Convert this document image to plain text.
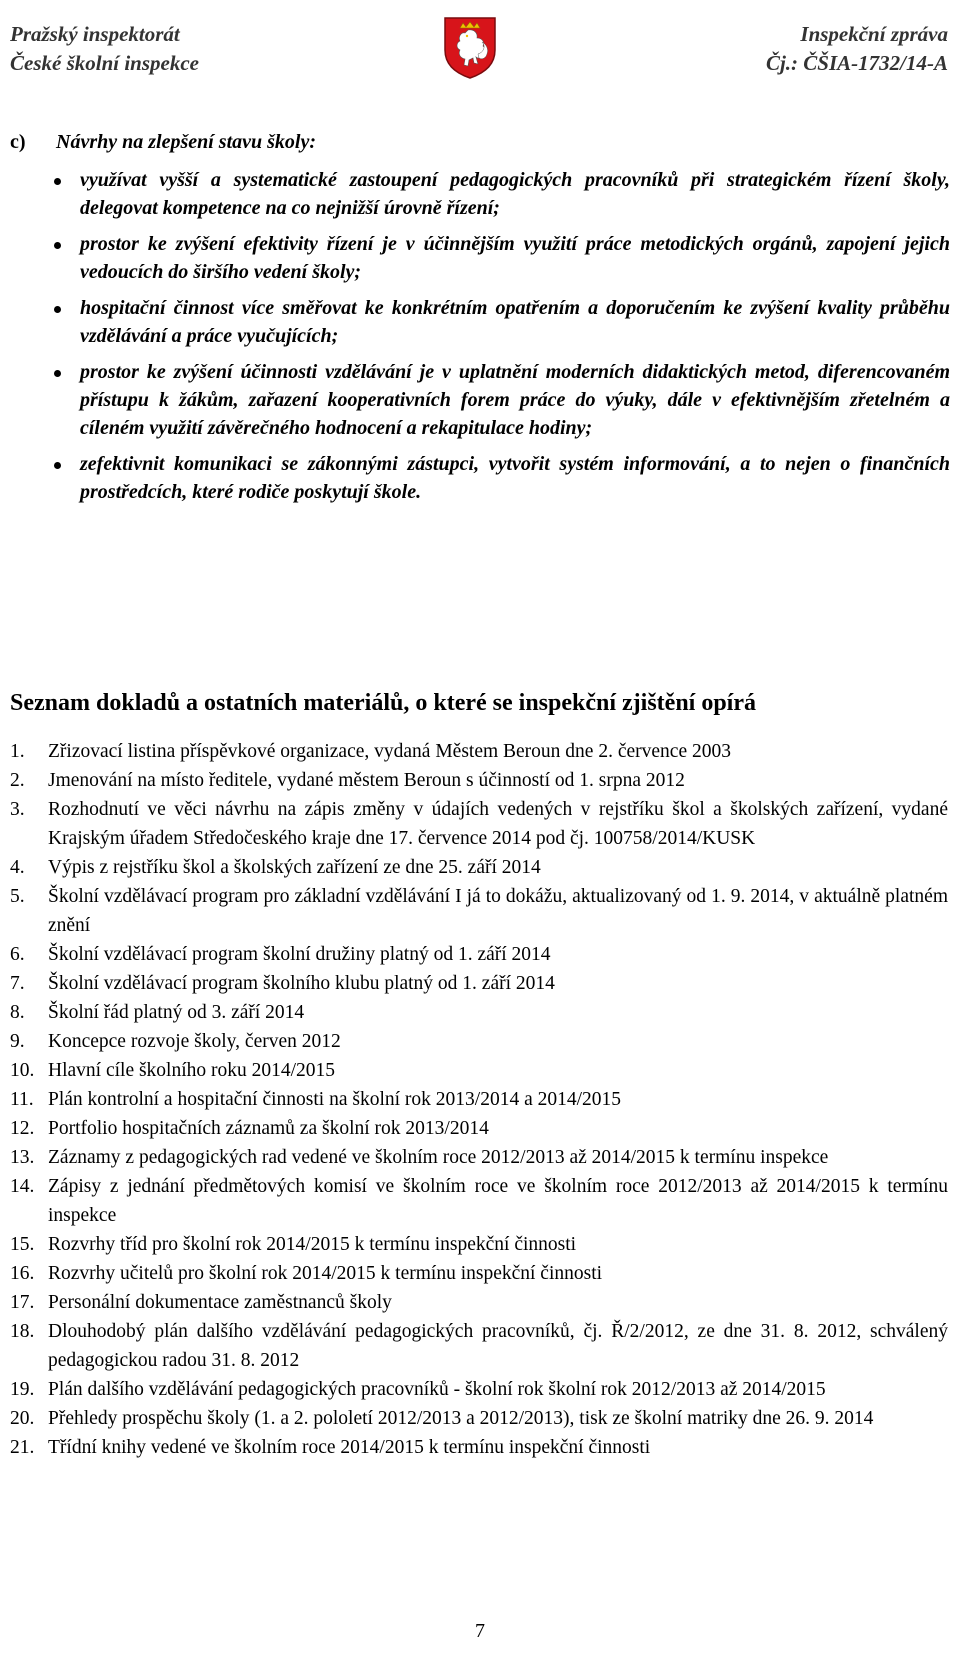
Pražský inspektorát
České školní inspekce
Inspekční zpráva
Čj.: ČŠIA-1732/14-A
c)	Návrhy na zlepšení stavu školy:
využívat vyšší a systematické zastoupení pedagogických pracovníků při strategickém řízení školy, delegovat kompetence na co nejnižší úrovně řízení;
prostor ke zvýšení efektivity řízení je v účinnějším využití práce metodických orgánů, zapojení jejich vedoucích do širšího vedení školy;
hospitační činnost více směřovat ke konkrétním opatřením a doporučením ke zvýšení kvality průběhu vzdělávání a práce vyučujících;
prostor ke zvýšení účinnosti vzdělávání je v uplatnění moderních didaktických metod, diferencovaném přístupu k žákům, zařazení kooperativních forem práce do výuky, dále v efektivnějším zřetelném a cíleném využití závěrečného hodnocení a rekapitulace hodiny;
zefektivnit komunikaci se zákonnými zástupci, vytvořit systém informování, a to nejen o finančních prostředcích, které rodiče poskytují škole.
Seznam dokladů a ostatních materiálů, o které se inspekční zjištění opírá
1.	Zřizovací listina příspěvkové organizace, vydaná Městem Beroun dne 2. července 2003
2.	Jmenování na místo ředitele, vydané městem Beroun s účinností od 1. srpna 2012
3.	Rozhodnutí ve věci návrhu na zápis změny v údajích vedených v rejstříku škol a školských zařízení, vydané Krajským úřadem Středočeského kraje dne 17. července 2014 pod čj. 100758/2014/KUSK
4.	Výpis z rejstříku škol a školských zařízení ze dne 25. září 2014
5.	Školní vzdělávací program pro základní vzdělávání I já to dokážu, aktualizovaný od 1. 9. 2014, v aktuálně platném znění
6.	Školní vzdělávací program školní družiny platný od 1. září 2014
7.	Školní vzdělávací program školního klubu platný od 1. září 2014
8.	Školní řád platný od 3. září 2014
9.	Koncepce rozvoje školy, červen 2012
10. Hlavní cíle školního roku 2014/2015
11. Plán kontrolní a hospitační činnosti na školní rok 2013/2014 a 2014/2015
12. Portfolio hospitačních záznamů za školní rok 2013/2014
13. Záznamy z pedagogických rad vedené ve školním roce 2012/2013 až 2014/2015 k termínu inspekce
14. Zápisy z jednání předmětových komisí ve školním roce ve školním roce 2012/2013 až 2014/2015 k termínu inspekce
15. Rozvrhy tříd pro školní rok 2014/2015 k termínu inspekční činnosti
16. Rozvrhy učitelů pro školní rok 2014/2015 k termínu inspekční činnosti
17. Personální dokumentace zaměstnanců školy
18. Dlouhodobý plán dalšího vzdělávání pedagogických pracovníků, čj. Ř/2/2012, ze dne 31. 8. 2012, schválený pedagogickou radou 31. 8. 2012
19. Plán dalšího vzdělávání pedagogických pracovníků - školní rok školní rok 2012/2013 až 2014/2015
20. Přehledy prospěchu školy (1. a 2. pololetí 2012/2013 a 2012/2013), tisk ze školní matriky dne 26. 9. 2014
21. Třídní knihy vedené ve školním roce 2014/2015 k termínu inspekční činnosti
7
